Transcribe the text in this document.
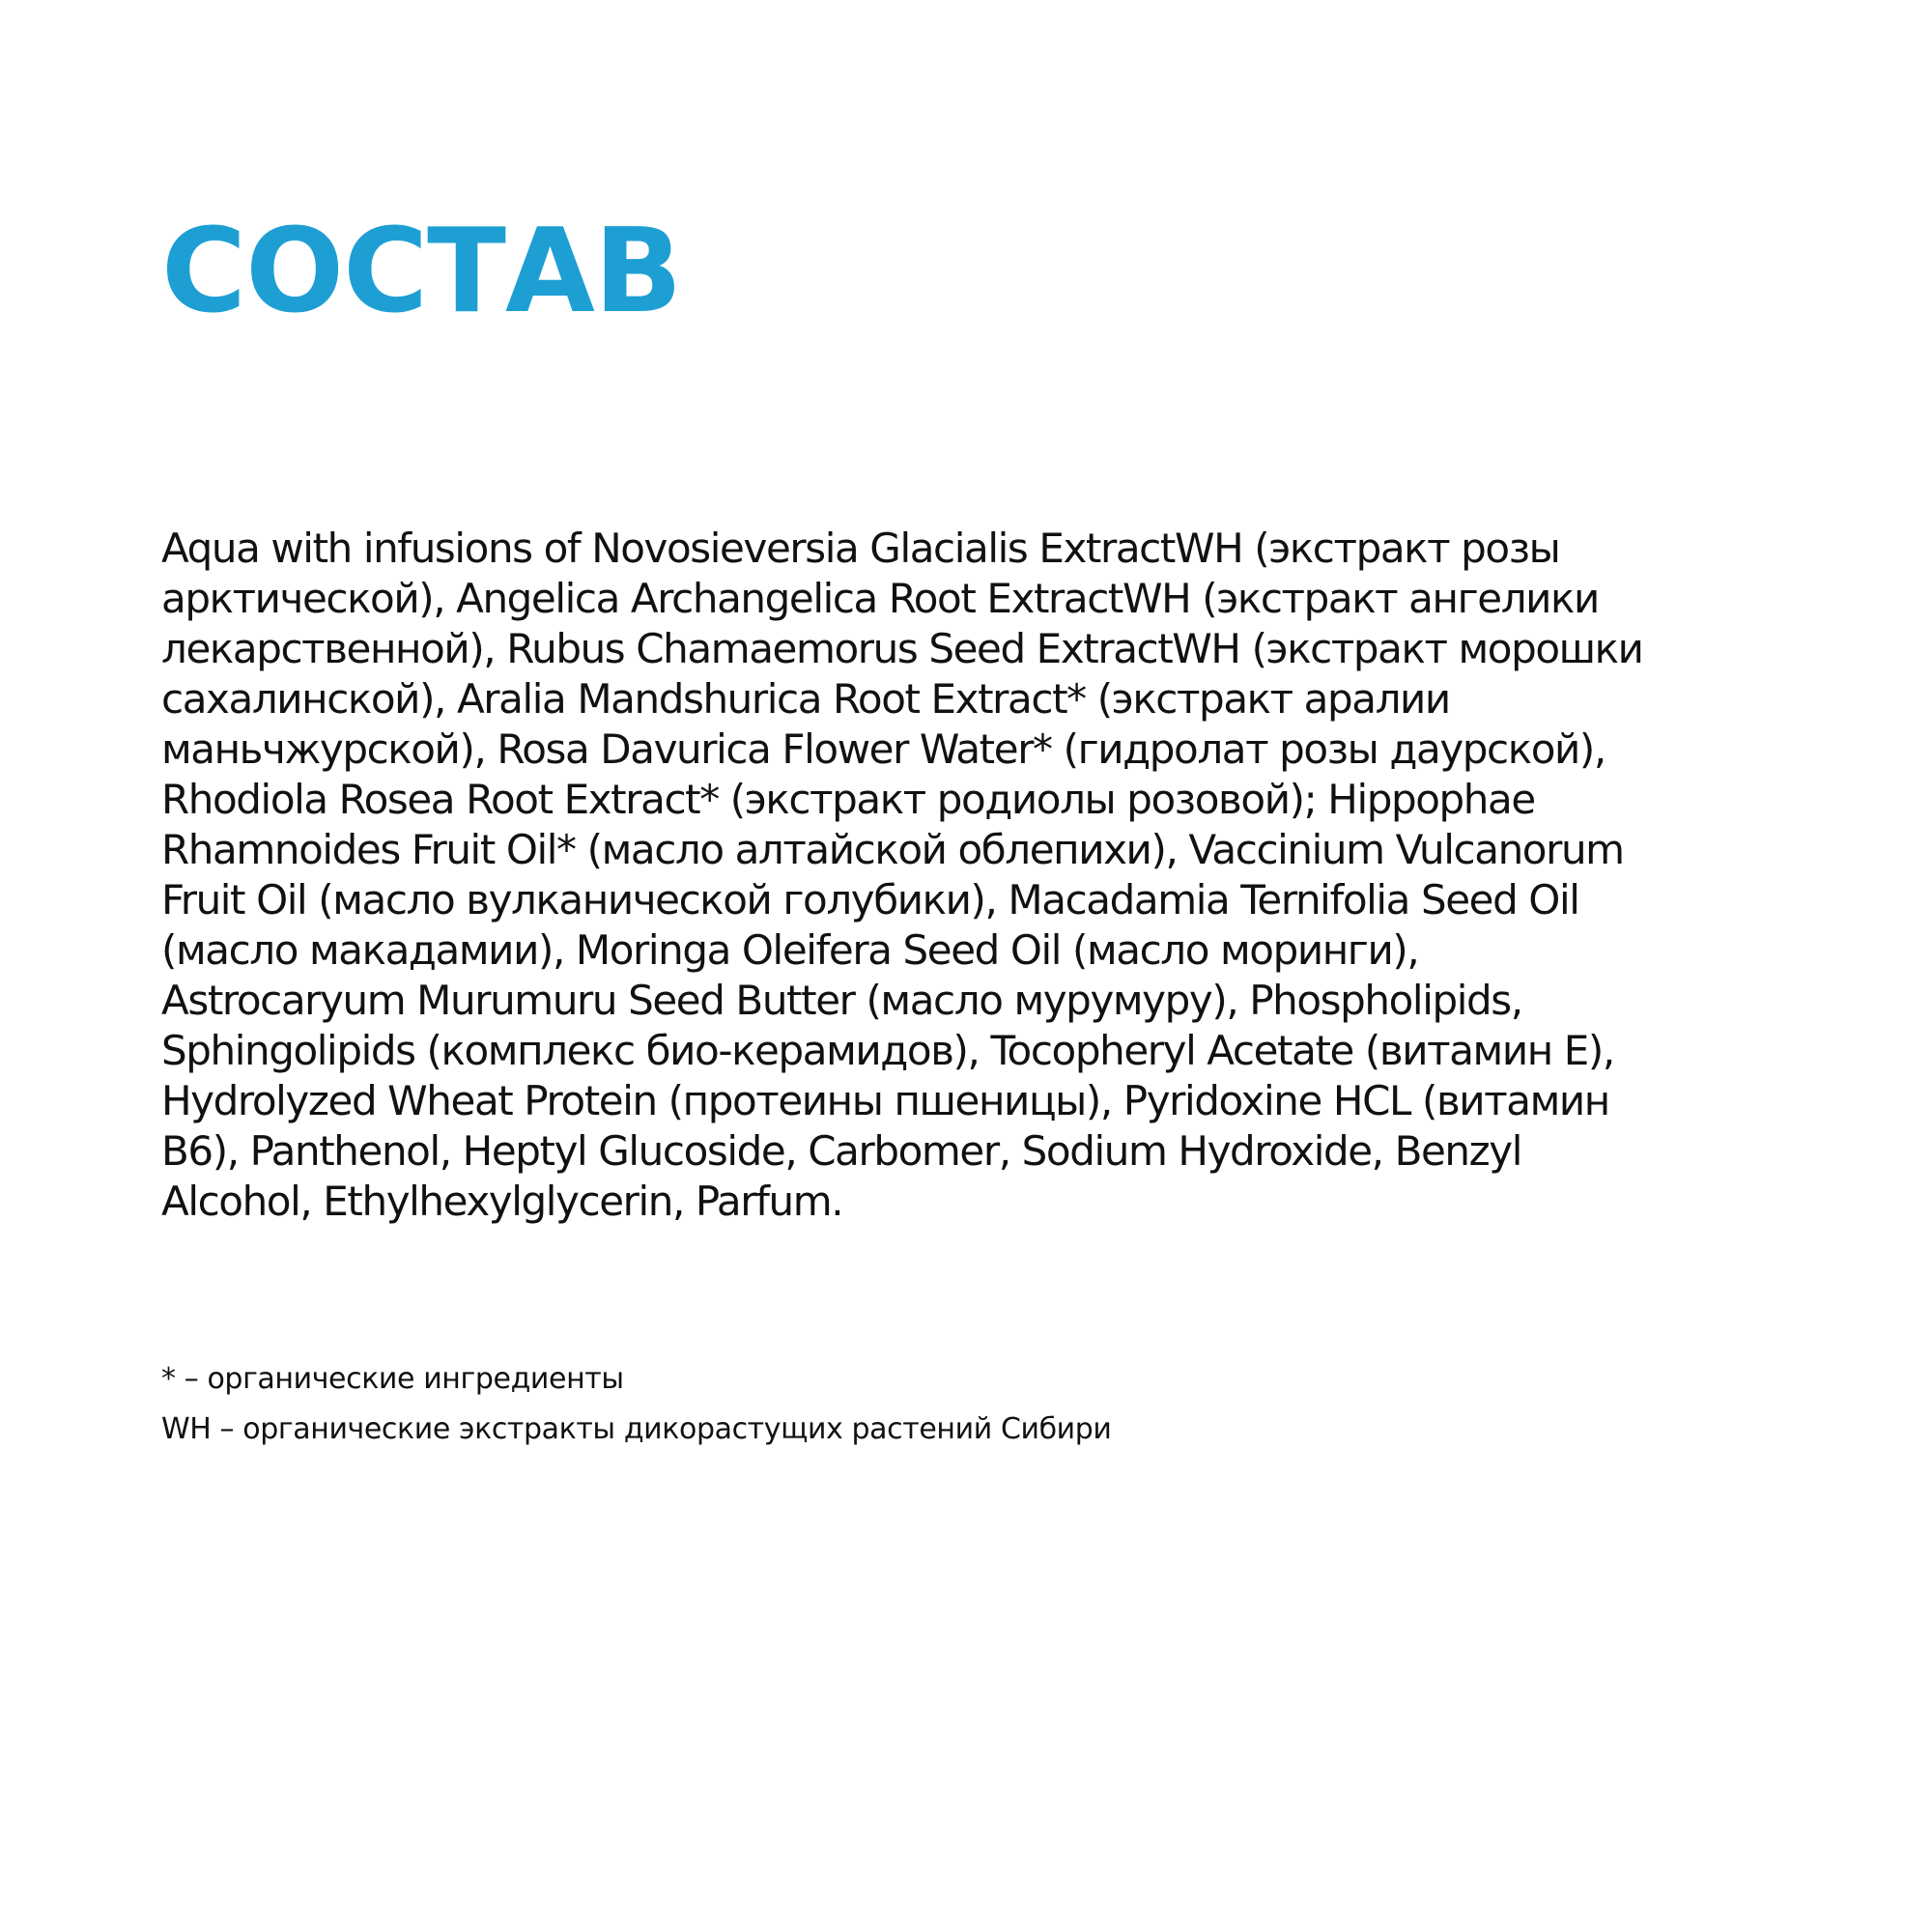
СОСТАВ

Aqua with infusions of Novosieversia Glacialis ExtractWH (экстракт розы
арктической), Angelica Archangelica Root ExtractWH (экстракт ангелики
лекарственной), Rubus Chamaemorus Seed ExtractWH (экстракт морошки
сахалинской), Aralia Mandshurica Root Extract* (экстракт аралии
маньчжурской), Rosa Davurica Flower Water* (гидролат розы даурской),
Rhodiola Rosea Root Extract* (экстракт родиолы розовой); Hippophae
Rhamnoides Fruit Oil* (масло алтайской облепихи), Vaccinium Vulcanorum
Fruit Oil (масло вулканической голубики), Macadamia Ternifolia Seed Oil
(масло макадамии), Moringa Oleifera Seed Oil (масло моринги),
Astrocaryum Murumuru Seed Butter (масло мурумуру), Phospholipids,
Sphingolipids (комплекс био-керамидов), Tocopheryl Acetate (витамин Е),
Hydrolyzed Wheat Protein (протеины пшеницы), Pyridoxine HCL (витамин
B6), Panthenol, Heptyl Glucoside, Carbomer, Sodium Hydroxide, Benzyl
Alcohol, Ethylhexylglycerin, Parfum.

* – органические ингредиенты
WH – органические экстракты дикорастущих растений Сибири
